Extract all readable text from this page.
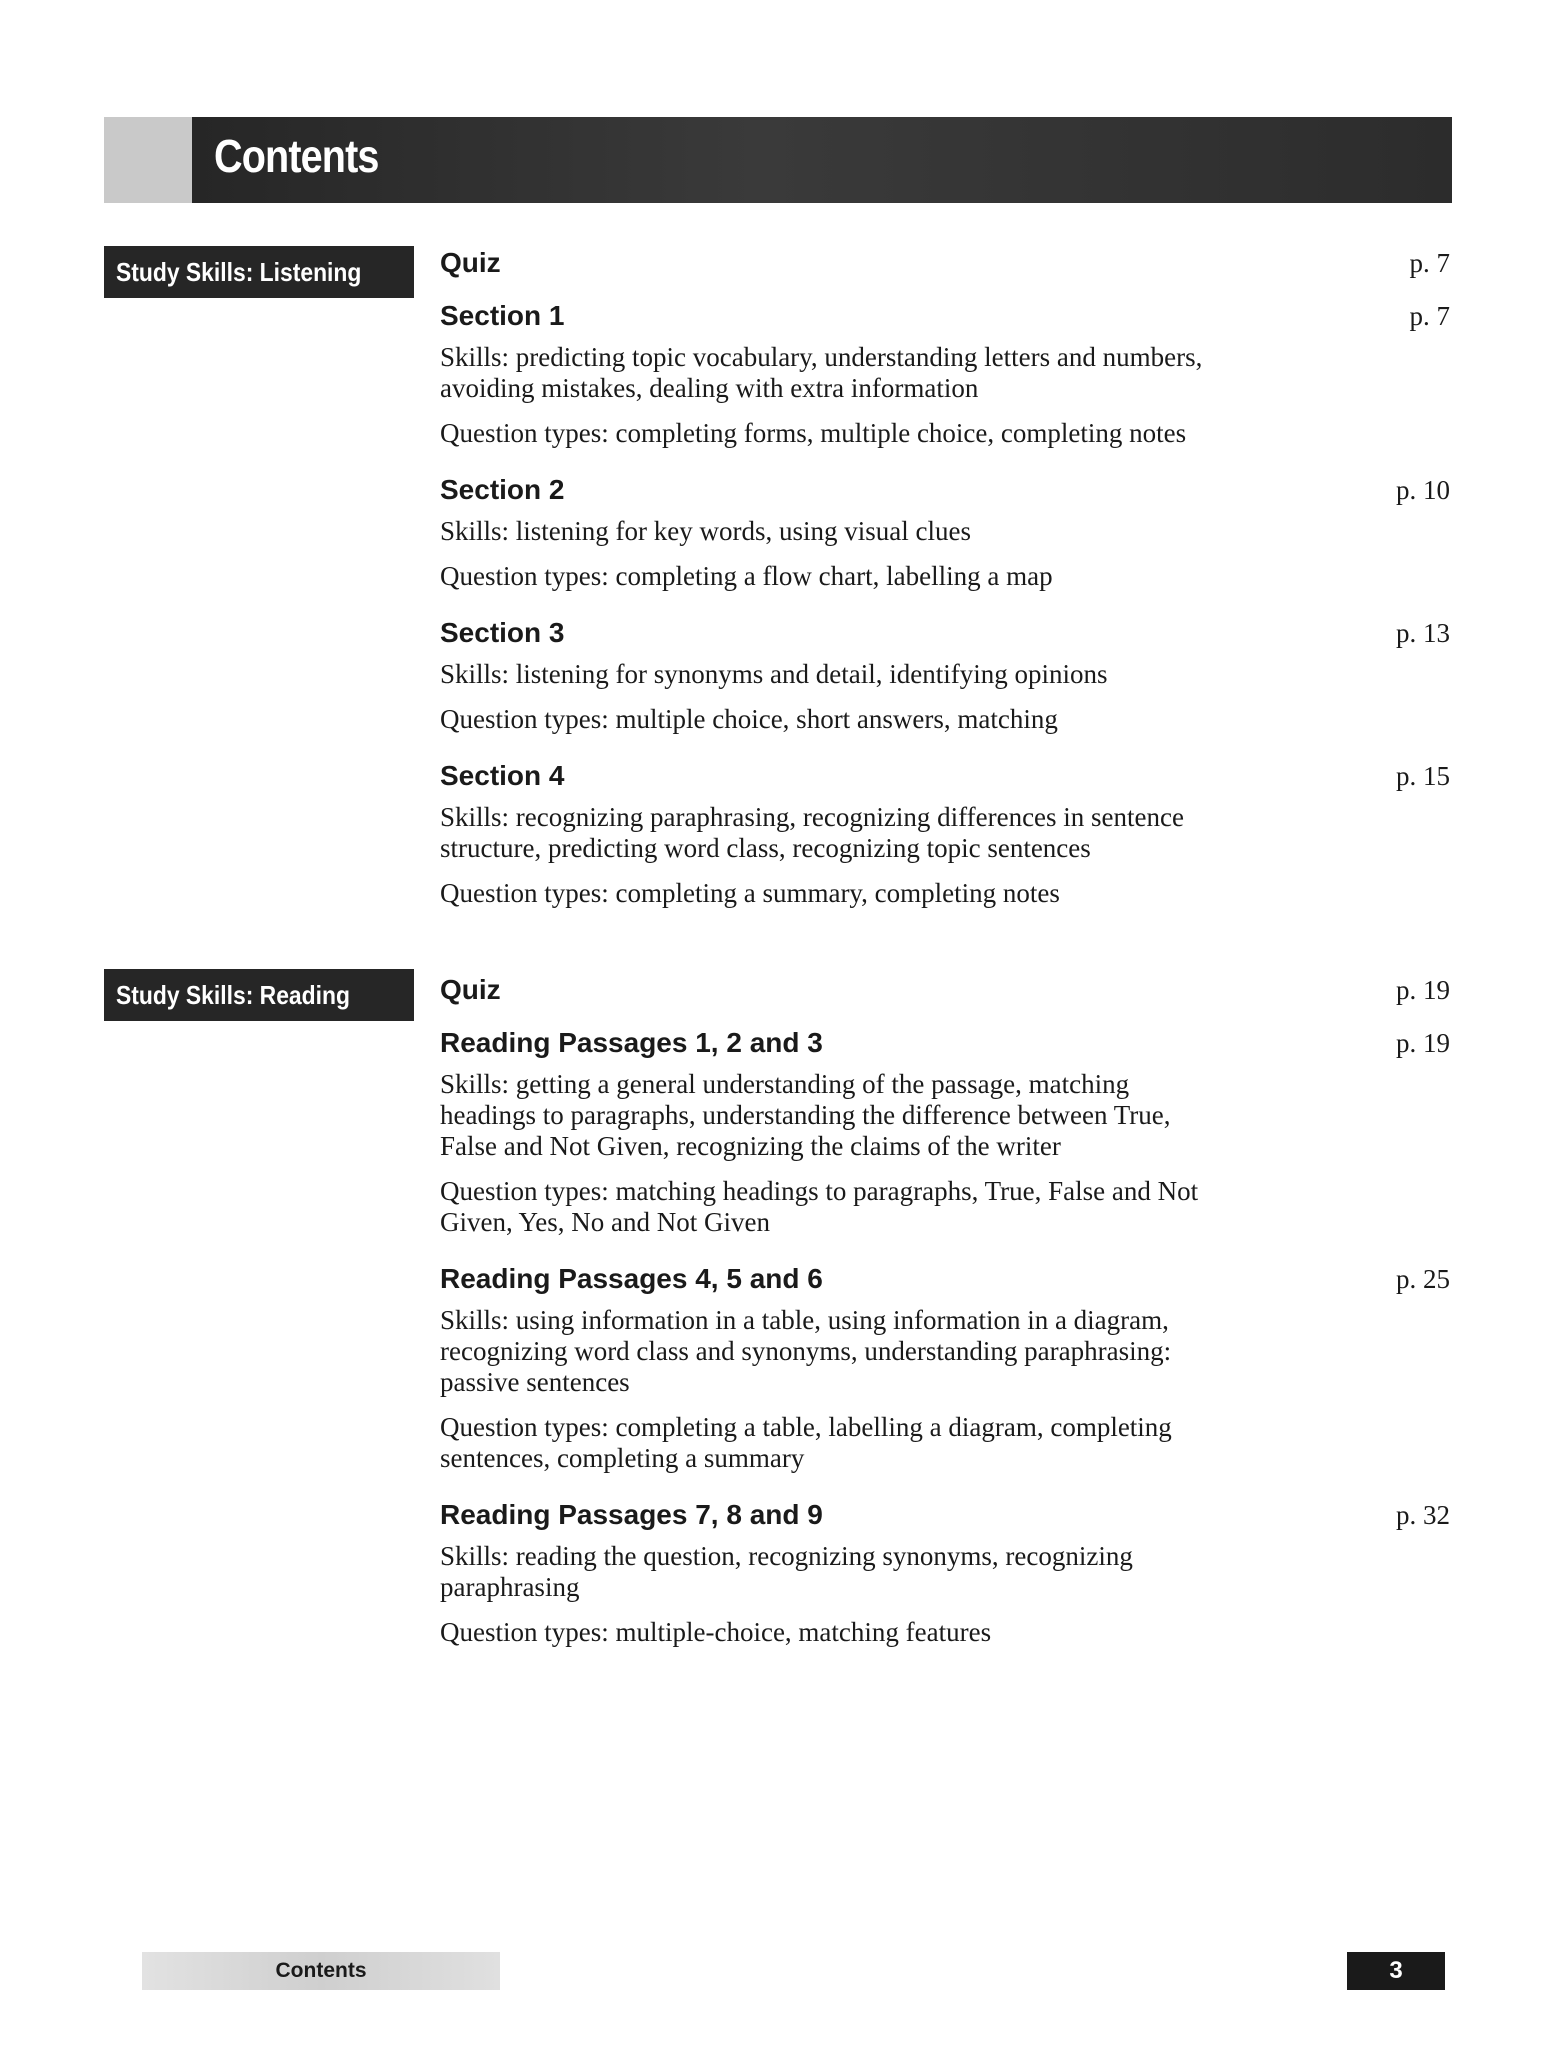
Contents
Study Skills: Listening
Study Skills: Reading
Quiz	p. 7
Section 1	p. 7
Skills: predicting topic vocabulary, understanding letters and numbers, avoiding mistakes, dealing with extra information
Question types: completing forms, multiple choice, completing notes
Section 2	p. 10
Skills: listening for key words, using visual clues
Question types: completing a flow chart, labelling a map
Section 3	p. 13
Skills: listening for synonyms and detail, identifying opinions
Question types: multiple choice, short answers, matching
Section 4	p. 15
Skills: recognizing paraphrasing, recognizing differences in sentence structure, predicting word class, recognizing topic sentences
Question types: completing a summary, completing notes
Quiz	p. 19
Reading Passages 1, 2 and 3	p. 19
Skills: getting a general understanding of the passage, matching headings to paragraphs, understanding the difference between True, False and Not Given, recognizing the claims of the writer
Question types: matching headings to paragraphs, True, False and Not Given, Yes, No and Not Given
Reading Passages 4, 5 and 6	p. 25
Skills: using information in a table, using information in a diagram, recognizing word class and synonyms, understanding paraphrasing: passive sentences
Question types: completing a table, labelling a diagram, completing sentences, completing a summary
Reading Passages 7, 8 and 9	p. 32
Skills: reading the question, recognizing synonyms, recognizing paraphrasing
Question types: multiple-choice, matching features
Contents	3
